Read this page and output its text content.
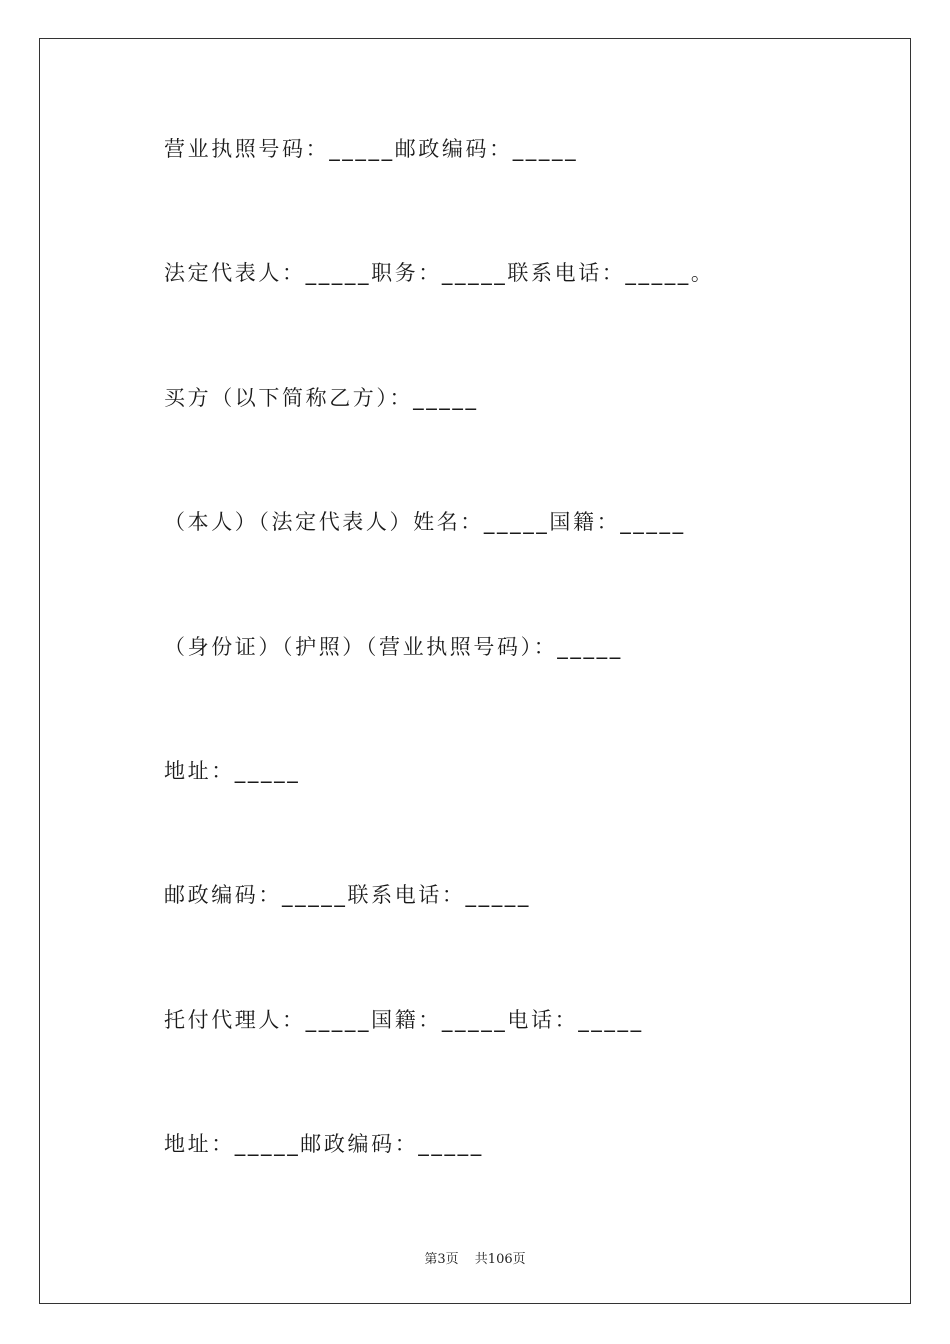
营业执照号码：_____邮政编码：_____
法定代表人：_____职务：_____联系电话：_____。
买方（以下简称乙方）：_____
（本人）（法定代表人）姓名：_____国籍：_____
（身份证）（护照）（营业执照号码）：_____
地址：_____
邮政编码：_____联系电话：_____
托付代理人：_____国籍：_____电话：_____
地址：_____邮政编码：_____
第3页 共106页
